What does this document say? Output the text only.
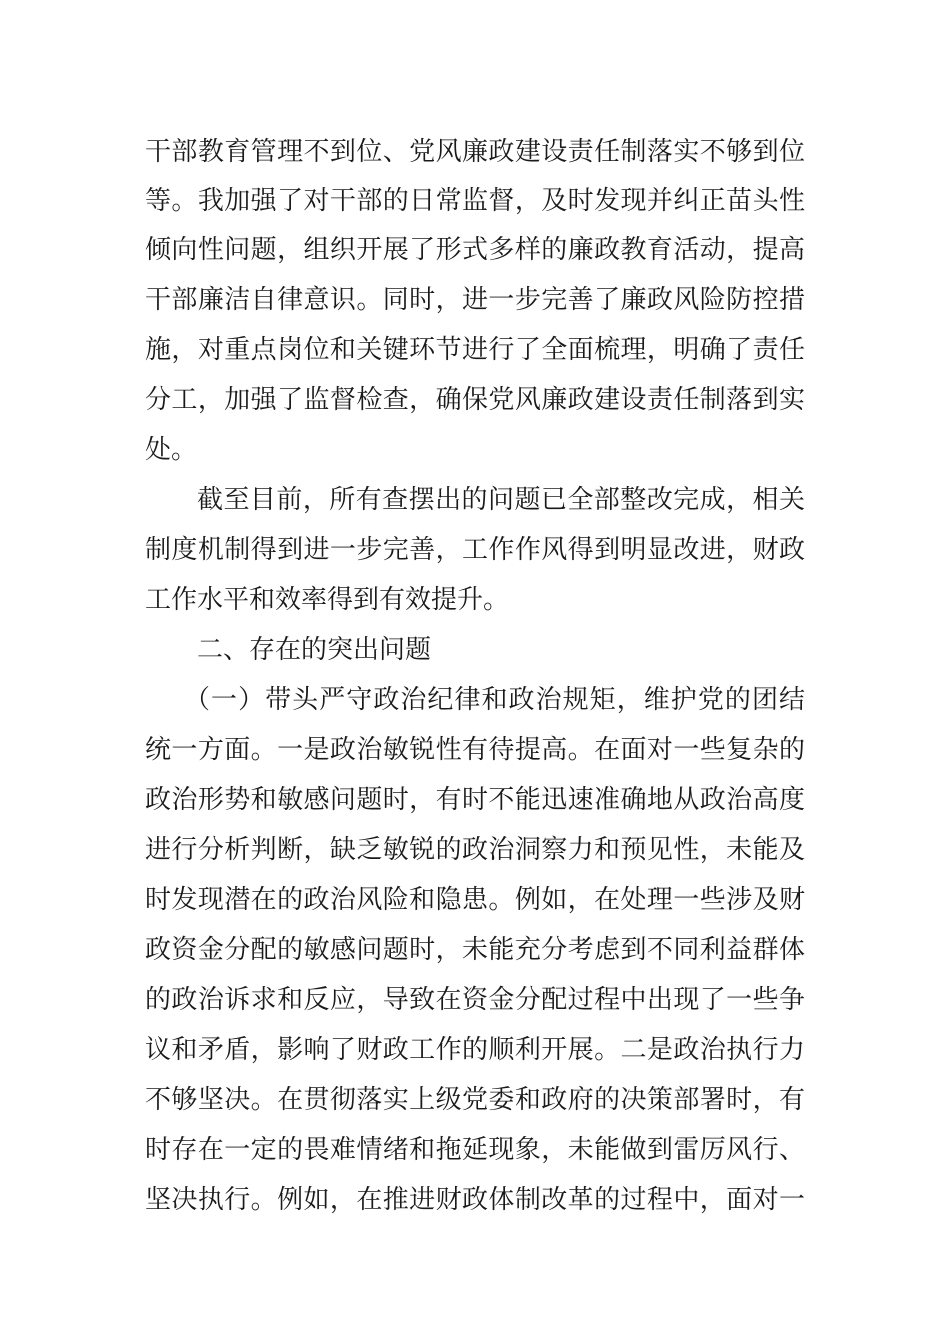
干部教育管理不到位、党风廉政建设责任制落实不够到位
等。我加强了对干部的日常监督，及时发现并纠正苗头性
倾向性问题，组织开展了形式多样的廉政教育活动，提高
干部廉洁自律意识。同时，进一步完善了廉政风险防控措
施，对重点岗位和关键环节进行了全面梳理，明确了责任
分工，加强了监督检查，确保党风廉政建设责任制落到实
处。
截至目前，所有查摆出的问题已全部整改完成，相关
制度机制得到进一步完善，工作作风得到明显改进，财政
工作水平和效率得到有效提升。
二、存在的突出问题
（一）带头严守政治纪律和政治规矩，维护党的团结
统一方面。一是政治敏锐性有待提高。在面对一些复杂的
政治形势和敏感问题时，有时不能迅速准确地从政治高度
进行分析判断，缺乏敏锐的政治洞察力和预见性，未能及
时发现潜在的政治风险和隐患。例如，在处理一些涉及财
政资金分配的敏感问题时，未能充分考虑到不同利益群体
的政治诉求和反应，导致在资金分配过程中出现了一些争
议和矛盾，影响了财政工作的顺利开展。二是政治执行力
不够坚决。在贯彻落实上级党委和政府的决策部署时，有
时存在一定的畏难情绪和拖延现象，未能做到雷厉风行、
坚决执行。例如，在推进财政体制改革的过程中，面对一
